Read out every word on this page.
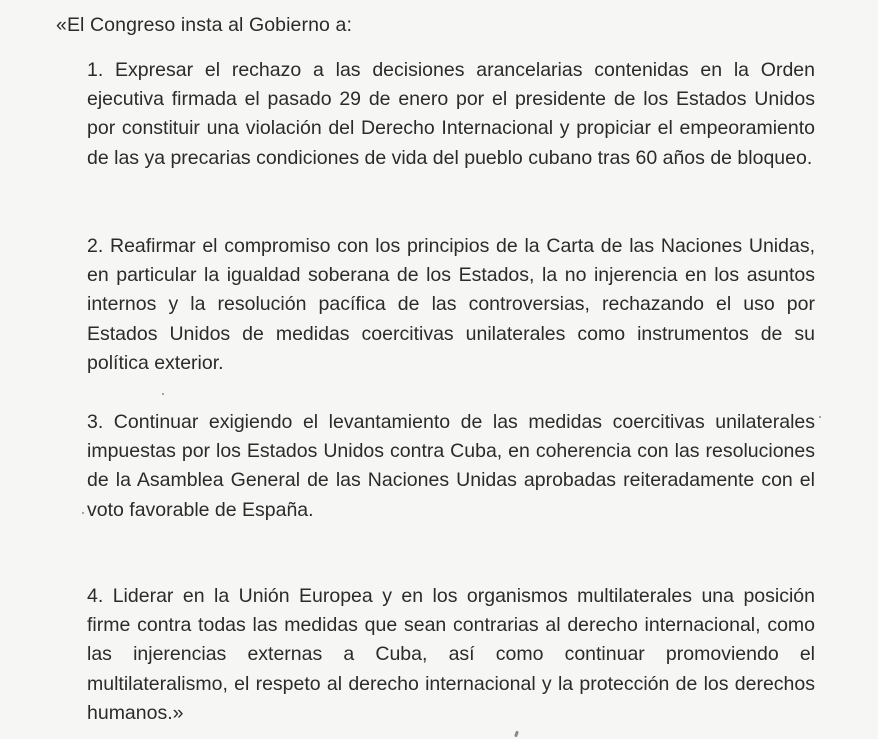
«El Congreso insta al Gobierno a:
1. Expresar el rechazo a las decisiones arancelarias contenidas en la Orden ejecutiva firmada el pasado 29 de enero por el presidente de los Estados Unidos por constituir una violación del Derecho Internacional y propiciar el empeoramiento de las ya precarias condiciones de vida del pueblo cubano tras 60 años de bloqueo.
2. Reafirmar el compromiso con los principios de la Carta de las Naciones Unidas, en particular la igualdad soberana de los Estados, la no injerencia en los asuntos internos y la resolución pacífica de las controversias, rechazando el uso por Estados Unidos de medidas coercitivas unilaterales como instrumentos de su política exterior.
3. Continuar exigiendo el levantamiento de las medidas coercitivas unilaterales impuestas por los Estados Unidos contra Cuba, en coherencia con las resoluciones de la Asamblea General de las Naciones Unidas aprobadas reiteradamente con el voto favorable de España.
4. Liderar en la Unión Europea y en los organismos multilaterales una posición firme contra todas las medidas que sean contrarias al derecho internacional, como las injerencias externas a Cuba, así como continuar promoviendo el multilateralismo, el respeto al derecho internacional y la protección de los derechos humanos.»
